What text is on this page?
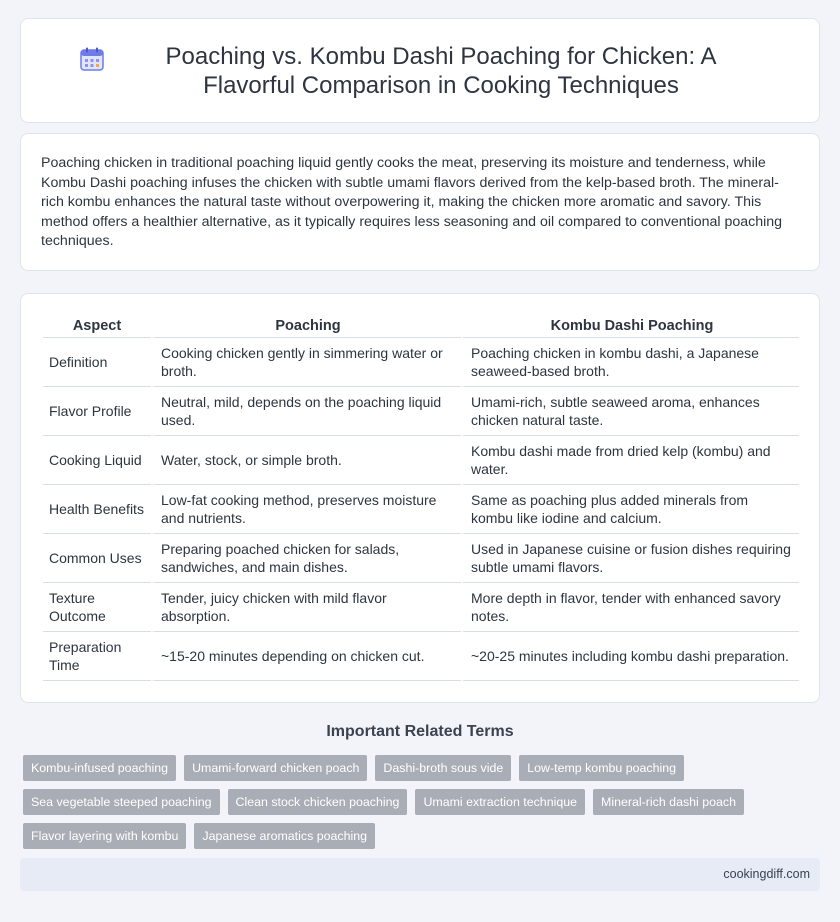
Poaching vs. Kombu Dashi Poaching for Chicken: A Flavorful Comparison in Cooking Techniques

Poaching chicken in traditional poaching liquid gently cooks the meat, preserving its moisture and tenderness, while Kombu Dashi poaching infuses the chicken with subtle umami flavors derived from the kelp-based broth. The mineral-rich kombu enhances the natural taste without overpowering it, making the chicken more aromatic and savory. This method offers a healthier alternative, as it typically requires less seasoning and oil compared to conventional poaching techniques.

Aspect	Poaching	Kombu Dashi Poaching
Definition	Cooking chicken gently in simmering water or broth.	Poaching chicken in kombu dashi, a Japanese seaweed-based broth.
Flavor Profile	Neutral, mild, depends on the poaching liquid used.	Umami-rich, subtle seaweed aroma, enhances chicken natural taste.
Cooking Liquid	Water, stock, or simple broth.	Kombu dashi made from dried kelp (kombu) and water.
Health Benefits	Low-fat cooking method, preserves moisture and nutrients.	Same as poaching plus added minerals from kombu like iodine and calcium.
Common Uses	Preparing poached chicken for salads, sandwiches, and main dishes.	Used in Japanese cuisine or fusion dishes requiring subtle umami flavors.
Texture Outcome	Tender, juicy chicken with mild flavor absorption.	More depth in flavor, tender with enhanced savory notes.
Preparation Time	~15-20 minutes depending on chicken cut.	~20-25 minutes including kombu dashi preparation.
Important Related Terms
Kombu-infused poaching	Umami-forward chicken poach	Dashi-broth sous vide	Low-temp kombu poaching
Sea vegetable steeped poaching	Clean stock chicken poaching	Umami extraction technique	Mineral-rich dashi poach
Flavor layering with kombu	Japanese aromatics poaching
cookingdiff.com
